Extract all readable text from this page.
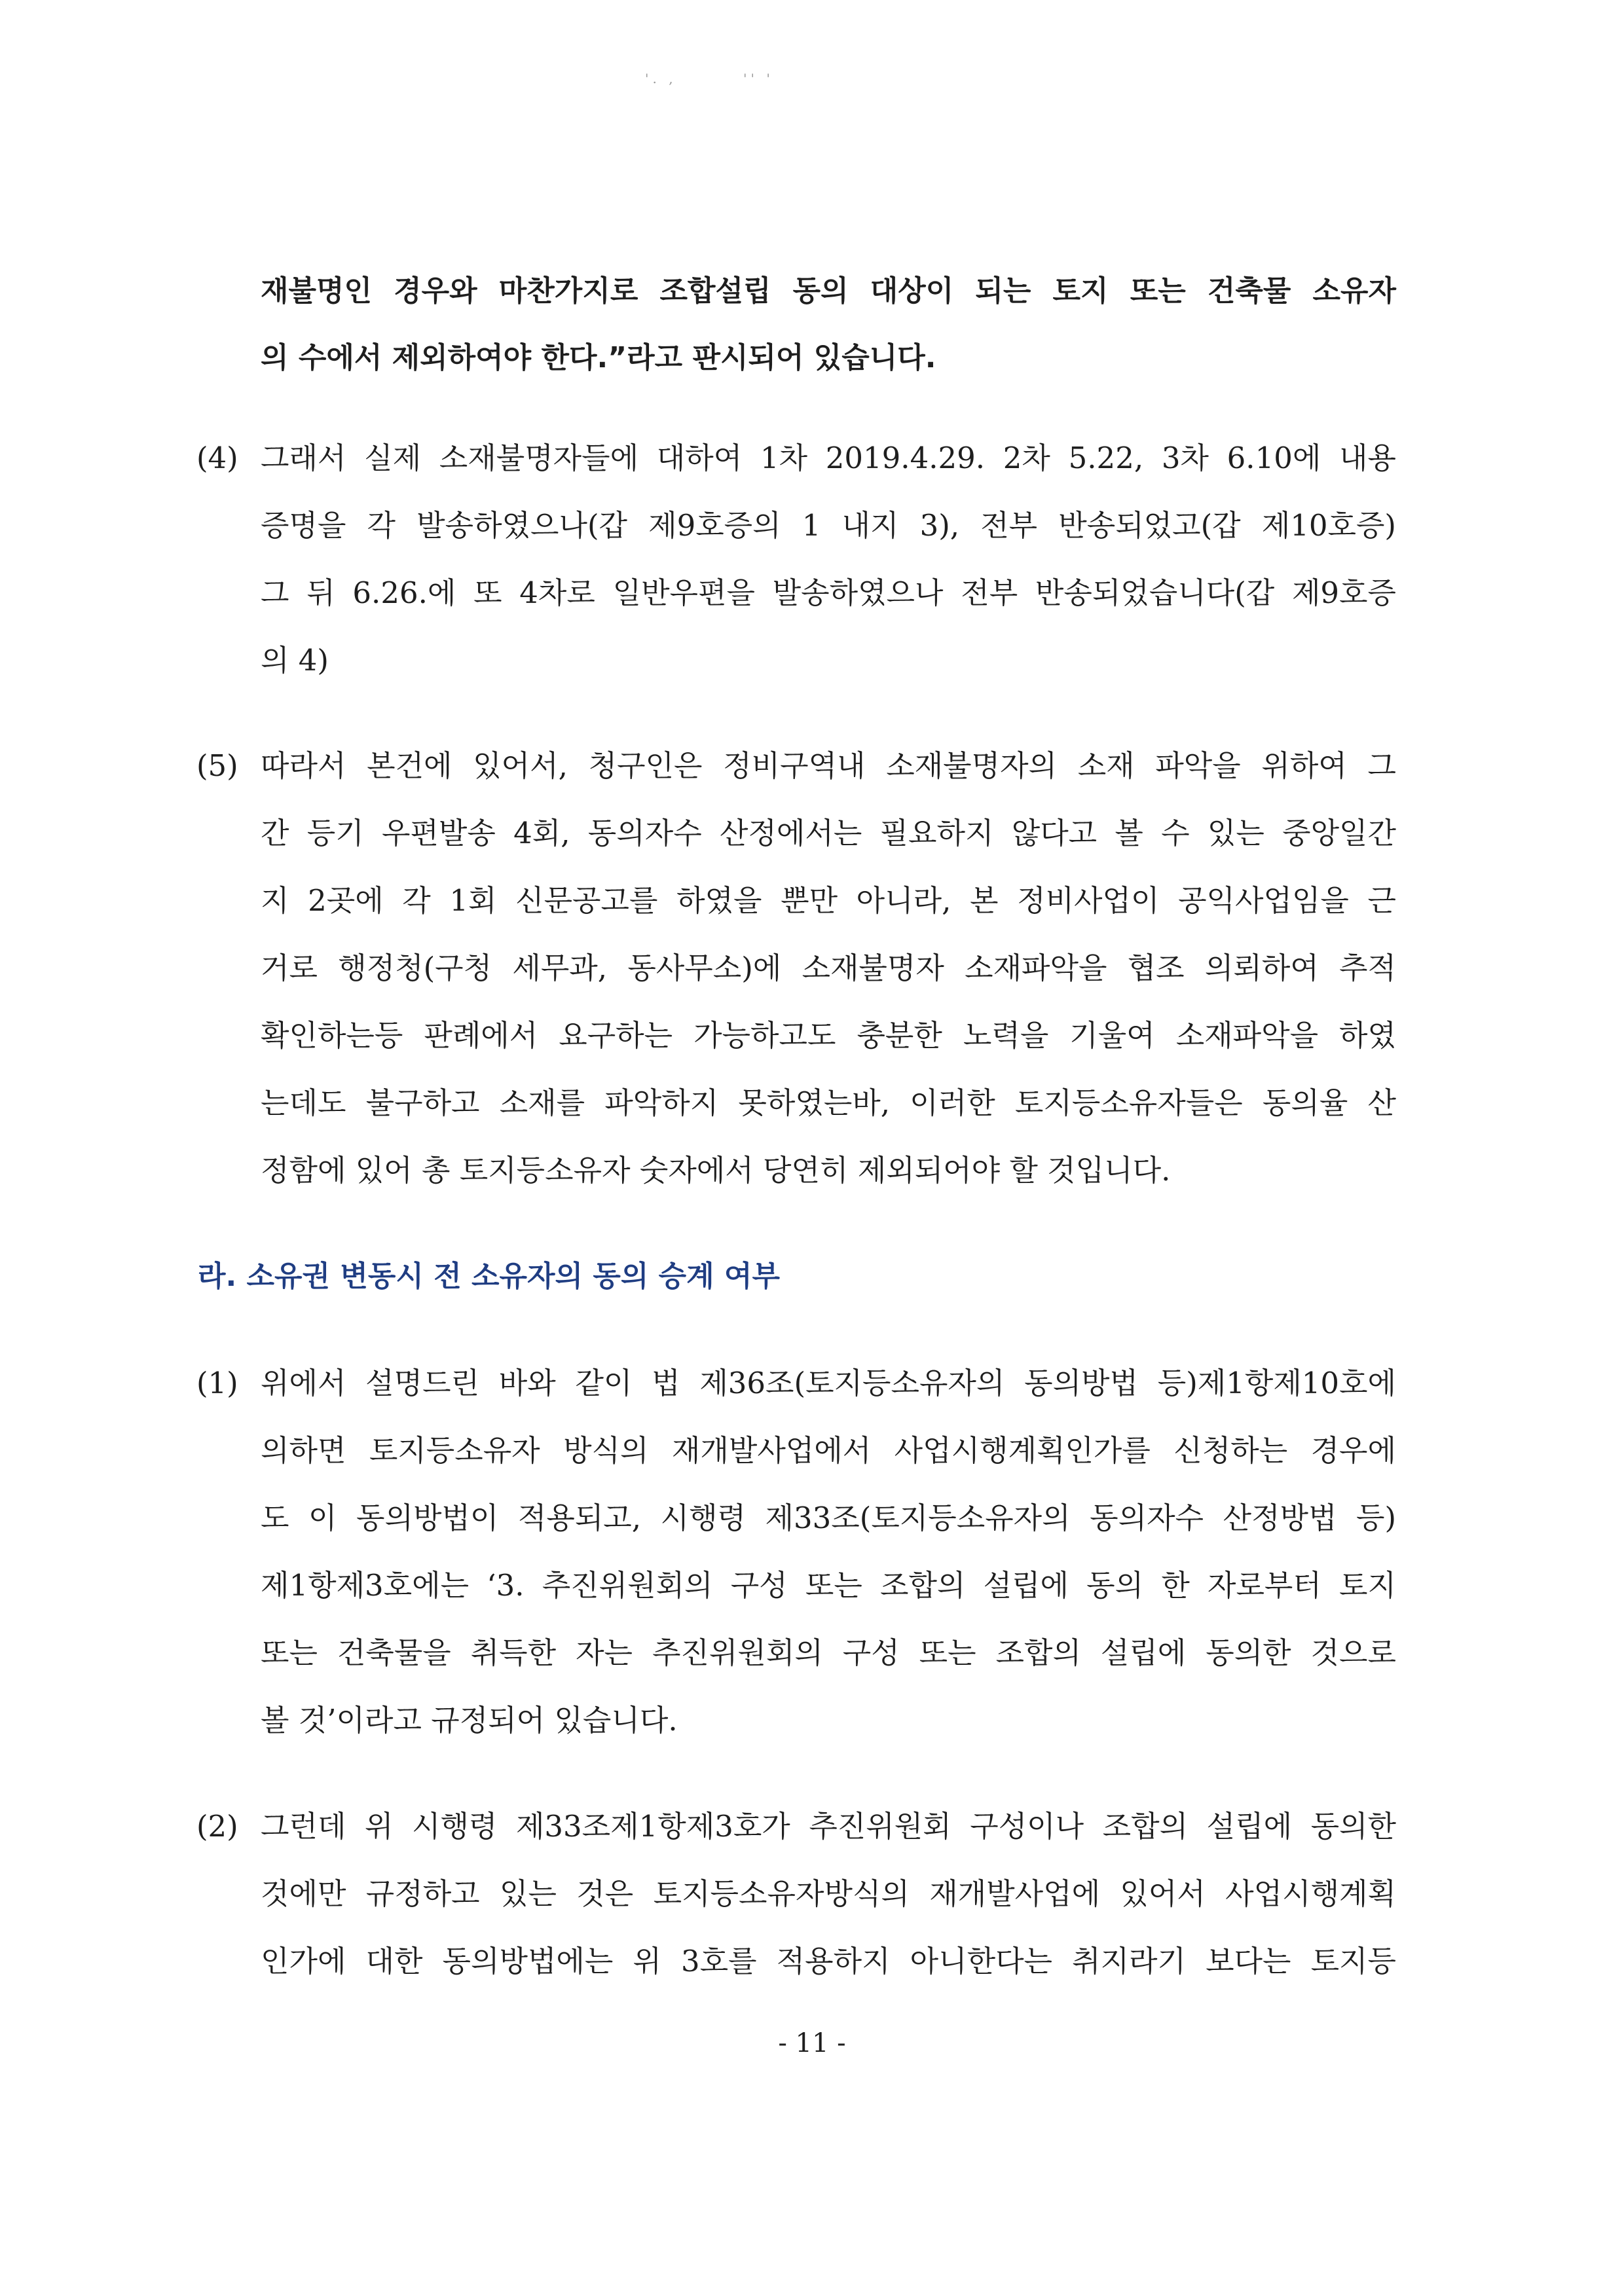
'. ,	'' '
재불명인 경우와 마찬가지로 조합설립 동의 대상이 되는 토지 또는 건축물 소유자
의 수에서 제외하여야 한다.”라고 판시되어 있습니다.
(4) 그래서 실제 소재불명자들에 대하여 1차 2019.4.29. 2차 5.22, 3차 6.10에 내용
증명을 각 발송하였으나(갑 제9호증의 1 내지 3), 전부 반송되었고(갑 제10호증)
그 뒤 6.26.에 또 4차로 일반우편을 발송하였으나 전부 반송되었습니다(갑 제9호증
의 4)
(5) 따라서 본건에 있어서, 청구인은 정비구역내 소재불명자의 소재 파악을 위하여 그
간 등기 우편발송 4회, 동의자수 산정에서는 필요하지 않다고 볼 수 있는 중앙일간
지 2곳에 각 1회 신문공고를 하였을 뿐만 아니라, 본 정비사업이 공익사업임을 근
거로 행정청(구청 세무과, 동사무소)에 소재불명자 소재파악을 협조 의뢰하여 추적
확인하는등 판례에서 요구하는 가능하고도 충분한 노력을 기울여 소재파악을 하였
는데도 불구하고 소재를 파악하지 못하였는바, 이러한 토지등소유자들은 동의율 산
정함에 있어 총 토지등소유자 숫자에서 당연히 제외되어야 할 것입니다.
라. 소유권 변동시 전 소유자의 동의 승계 여부
(1) 위에서 설명드린 바와 같이 법 제36조(토지등소유자의 동의방법 등)제1항제10호에
의하면 토지등소유자 방식의 재개발사업에서 사업시행계획인가를 신청하는 경우에
도 이 동의방법이 적용되고, 시행령 제33조(토지등소유자의 동의자수 산정방법 등)
제1항제3호에는 ‘3. 추진위원회의 구성 또는 조합의 설립에 동의 한 자로부터 토지
또는 건축물을 취득한 자는 추진위원회의 구성 또는 조합의 설립에 동의한 것으로
볼 것’이라고 규정되어 있습니다.
(2) 그런데 위 시행령 제33조제1항제3호가 추진위원회 구성이나 조합의 설립에 동의한
것에만 규정하고 있는 것은 토지등소유자방식의 재개발사업에 있어서 사업시행계획
인가에 대한 동의방법에는 위 3호를 적용하지 아니한다는 취지라기 보다는 토지등
- 11 -
